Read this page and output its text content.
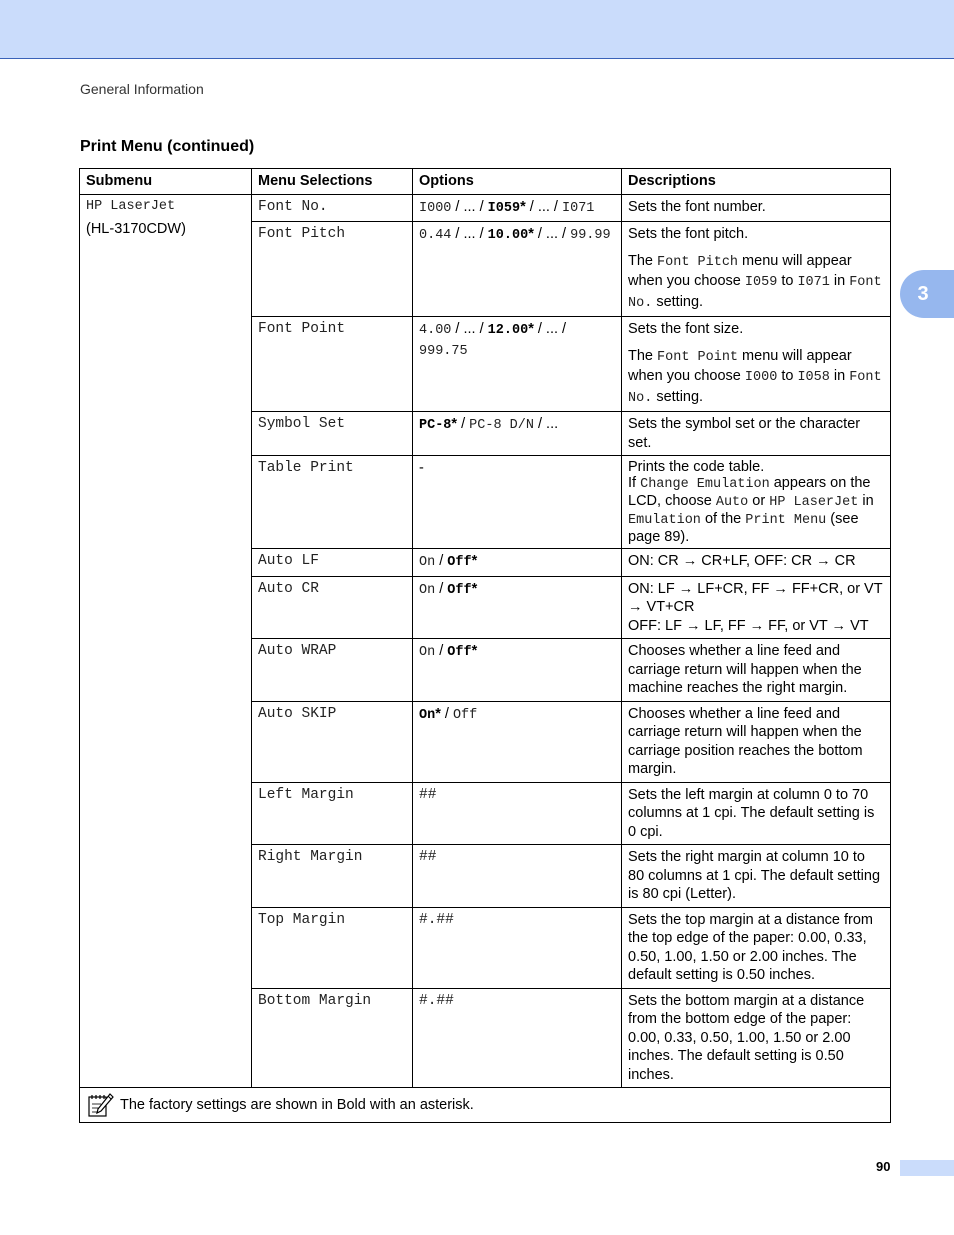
General Information
Print Menu (continued)
3
Submenu	Menu Selections	Options	Descriptions

HP LaserJet
(HL-3170CDW)	Font No.	I000 / ... / I059* / ... / I071	Sets the font number.
	Font Pitch	0.44 / ... / 10.00* / ... / 99.99	Sets the font pitch.
The Font Pitch menu will appear when you choose I059 to I071 in Font No. setting.

	Font Point	4.00 / ... / 12.00* / ... / 999.75	Sets the font size.
The Font Point menu will appear when you choose I000 to I058 in Font No. setting.

	Symbol Set	PC-8* / PC-8 D/N / ...	Sets the symbol set or the character set.
	Table Print	-	Prints the code table.
If Change Emulation appears on the LCD, choose Auto or HP LaserJet in Emulation of the Print Menu (see page 89).

	Auto LF	On / Off*	ON: CR → CR+LF, OFF: CR → CR
	Auto CR	On / Off*	ON: LF → LF+CR, FF → FF+CR, or VT → VT+CR
OFF: LF → LF, FF → FF, or VT → VT

	Auto WRAP	On / Off*	Chooses whether a line feed and carriage return will happen when the machine reaches the right margin.
	Auto SKIP	On* / Off	Chooses whether a line feed and carriage return will happen when the carriage position reaches the bottom margin.
	Left Margin	##	Sets the left margin at column 0 to 70 columns at 1 cpi. The default setting is 0 cpi.
	Right Margin	##	Sets the right margin at column 10 to 80 columns at 1 cpi. The default setting is 80 cpi (Letter).
	Top Margin	#.##	Sets the top margin at a distance from the top edge of the paper: 0.00, 0.33, 0.50, 1.00, 1.50 or 2.00 inches. The default setting is 0.50 inches.
	Bottom Margin	#.##	Sets the bottom margin at a distance from the bottom edge of the paper: 0.00, 0.33, 0.50, 1.00, 1.50 or 2.00 inches. The default setting is 0.50 inches.

The factory settings are shown in Bold with an asterisk.			
90
